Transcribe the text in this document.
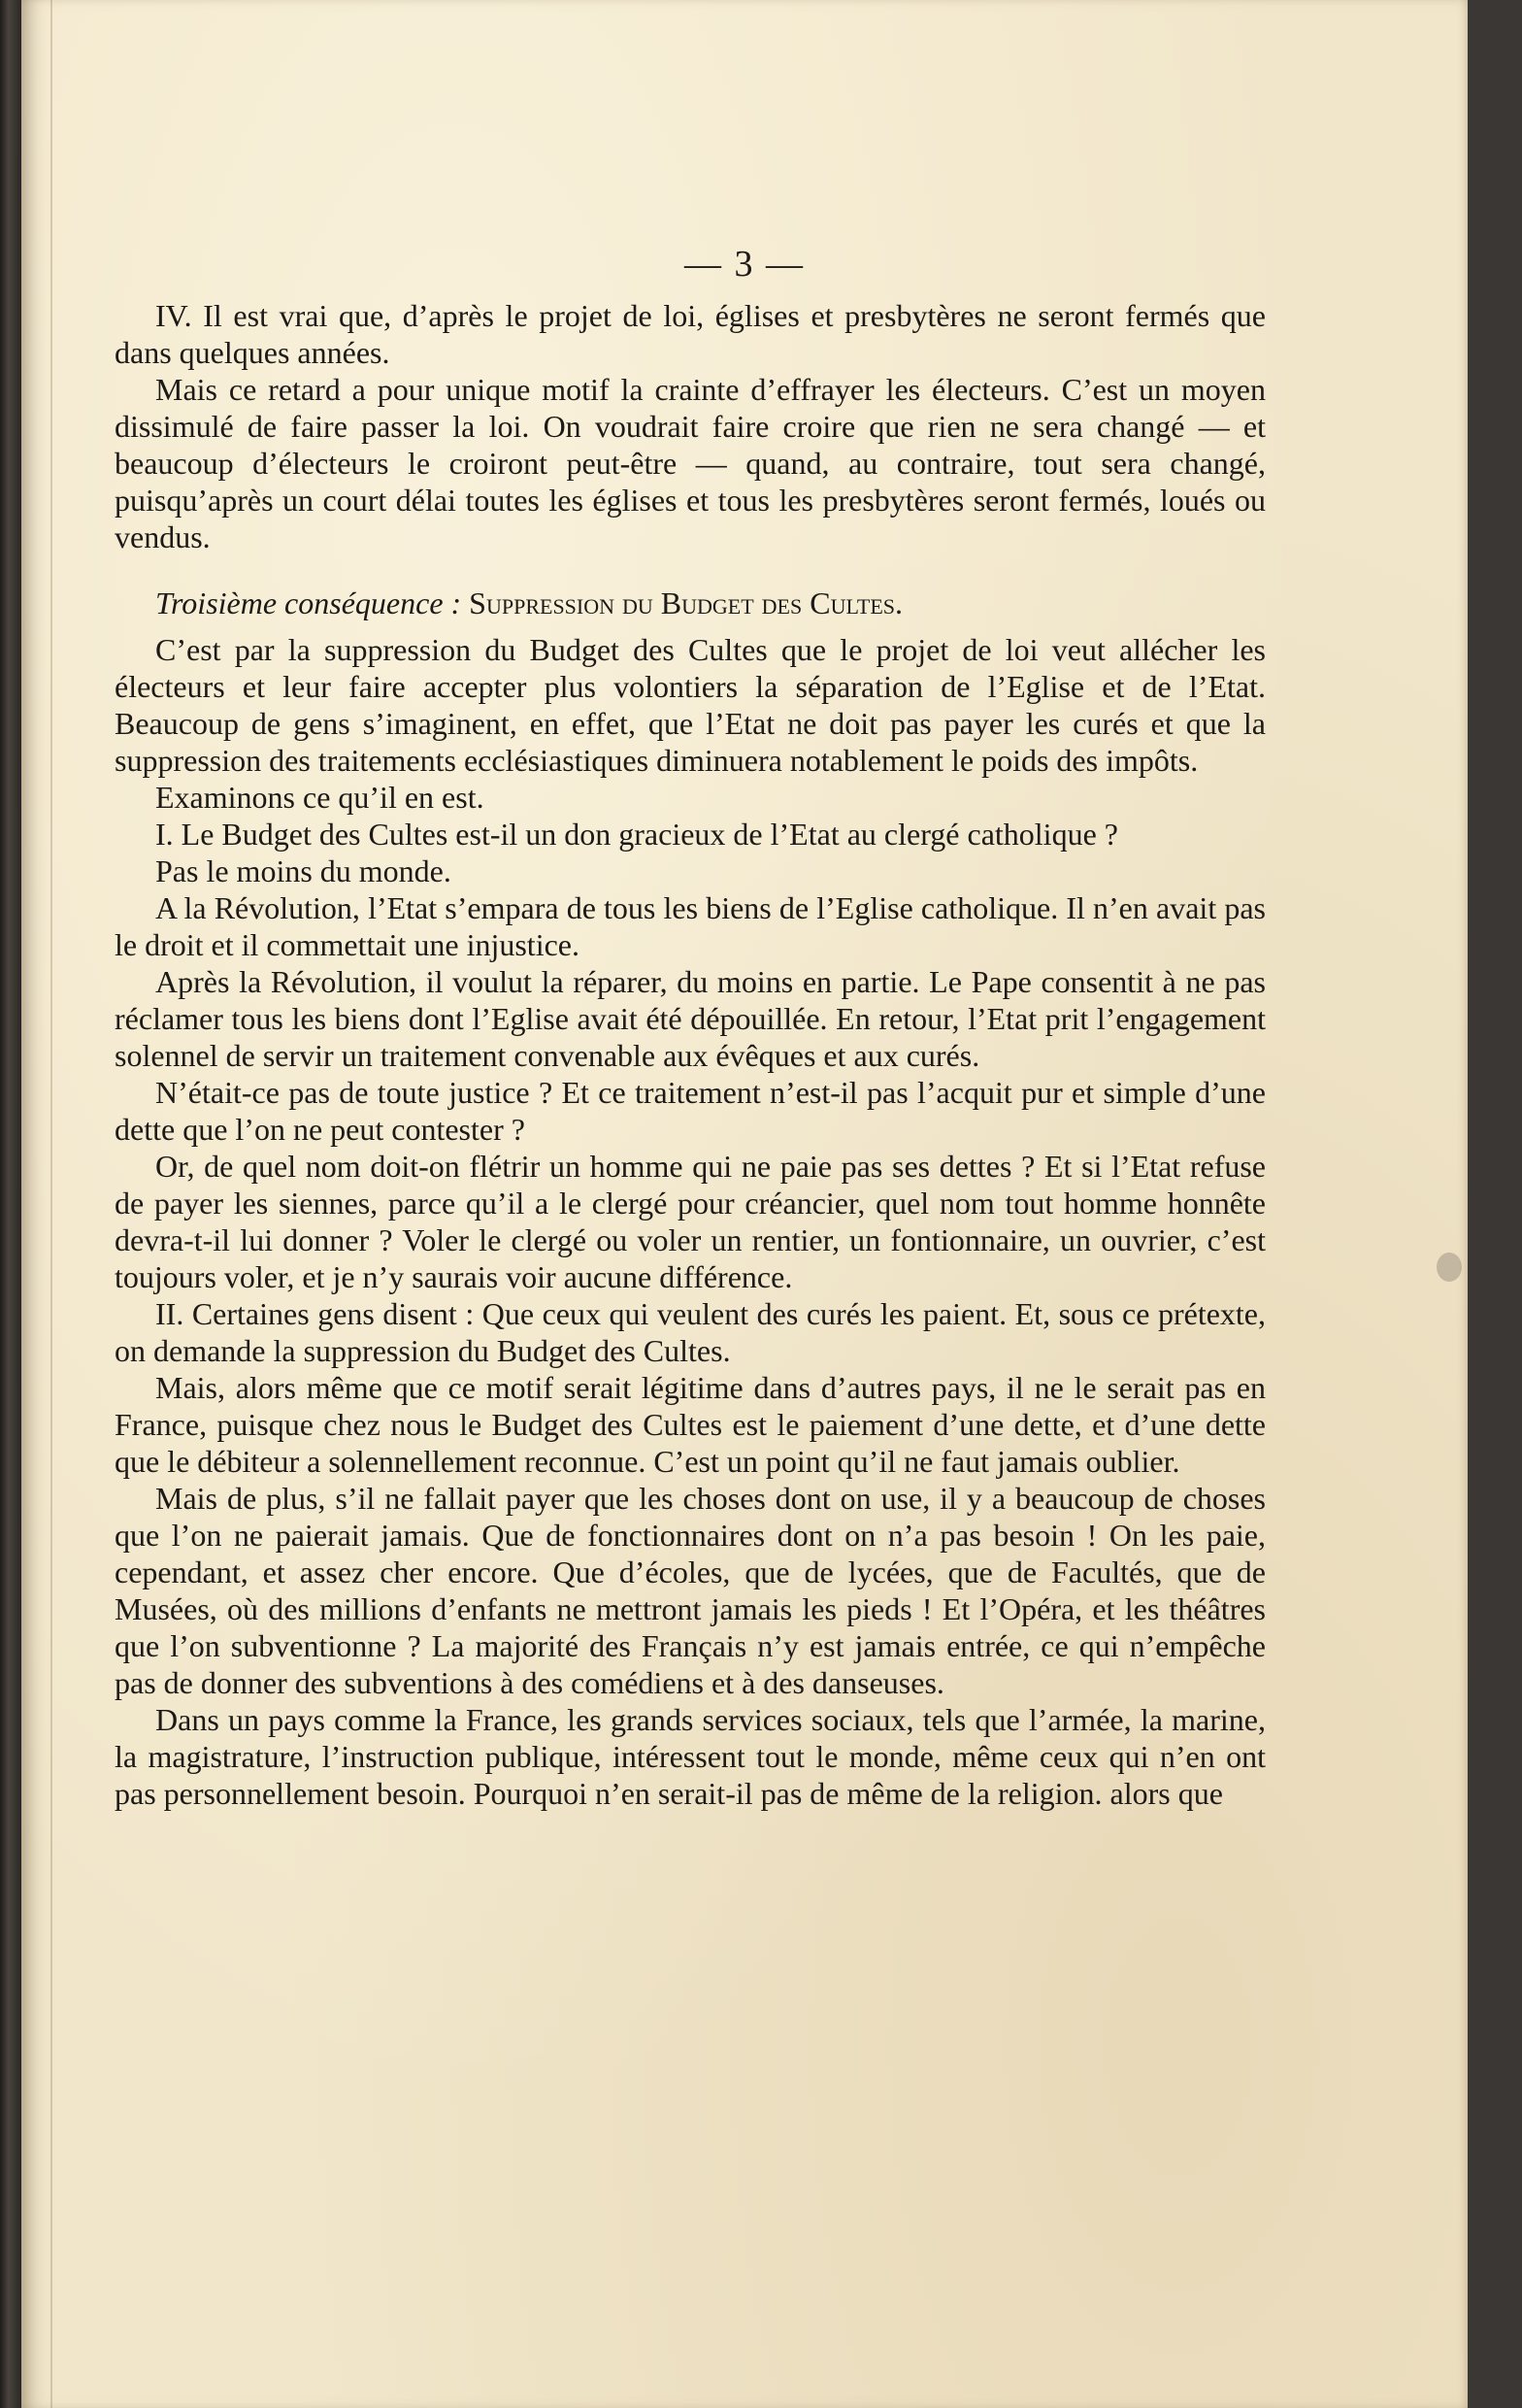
— 3 —

IV. Il est vrai que, d’après le projet de loi, églises et presbytères ne seront fermés que dans quelques années.

Mais ce retard a pour unique motif la crainte d’effrayer les électeurs. C’est un moyen dissimulé de faire passer la loi. On voudrait faire croire que rien ne sera changé — et beaucoup d’électeurs le croiront peut-être — quand, au contraire, tout sera changé, puisqu’après un court délai toutes les églises et tous les presbytères seront fermés, loués ou vendus.

Troisième conséquence : Suppression du Budget des Cultes.

C’est par la suppression du Budget des Cultes que le projet de loi veut allécher les électeurs et leur faire accepter plus volontiers la séparation de l’Eglise et de l’Etat. Beaucoup de gens s’imaginent, en effet, que l’Etat ne doit pas payer les curés et que la suppression des traitements ecclésiastiques diminuera notablement le poids des impôts.

Examinons ce qu’il en est.

I. Le Budget des Cultes est-il un don gracieux de l’Etat au clergé catholique ?

Pas le moins du monde.

A la Révolution, l’Etat s’empara de tous les biens de l’Eglise catholique. Il n’en avait pas le droit et il commettait une injustice.

Après la Révolution, il voulut la réparer, du moins en partie. Le Pape consentit à ne pas réclamer tous les biens dont l’Eglise avait été dépouillée. En retour, l’Etat prit l’engagement solennel de servir un traitement convenable aux évêques et aux curés.

N’était-ce pas de toute justice ? Et ce traitement n’est-il pas l’acquit pur et simple d’une dette que l’on ne peut contester ?

Or, de quel nom doit-on flétrir un homme qui ne paie pas ses dettes ? Et si l’Etat refuse de payer les siennes, parce qu’il a le clergé pour créancier, quel nom tout homme honnête devra-t-il lui donner ? Voler le clergé ou voler un rentier, un fontionnaire, un ouvrier, c’est toujours voler, et je n’y saurais voir aucune différence.

II. Certaines gens disent : Que ceux qui veulent des curés les paient. Et, sous ce prétexte, on demande la suppression du Budget des Cultes.

Mais, alors même que ce motif serait légitime dans d’autres pays, il ne le serait pas en France, puisque chez nous le Budget des Cultes est le paiement d’une dette, et d’une dette que le débiteur a solennellement reconnue. C’est un point qu’il ne faut jamais oublier.

Mais de plus, s’il ne fallait payer que les choses dont on use, il y a beaucoup de choses que l’on ne paierait jamais. Que de fonctionnaires dont on n’a pas besoin ! On les paie, cependant, et assez cher encore. Que d’écoles, que de lycées, que de Facultés, que de Musées, où des millions d’enfants ne mettront jamais les pieds ! Et l’Opéra, et les théâtres que l’on subventionne ? La majorité des Français n’y est jamais entrée, ce qui n’empêche pas de donner des subventions à des comédiens et à des danseuses.

Dans un pays comme la France, les grands services sociaux, tels que l’armée, la marine, la magistrature, l’instruction publique, intéressent tout le monde, même ceux qui n’en ont pas personnellement besoin. Pourquoi n’en serait-il pas de même de la religion. alors que
